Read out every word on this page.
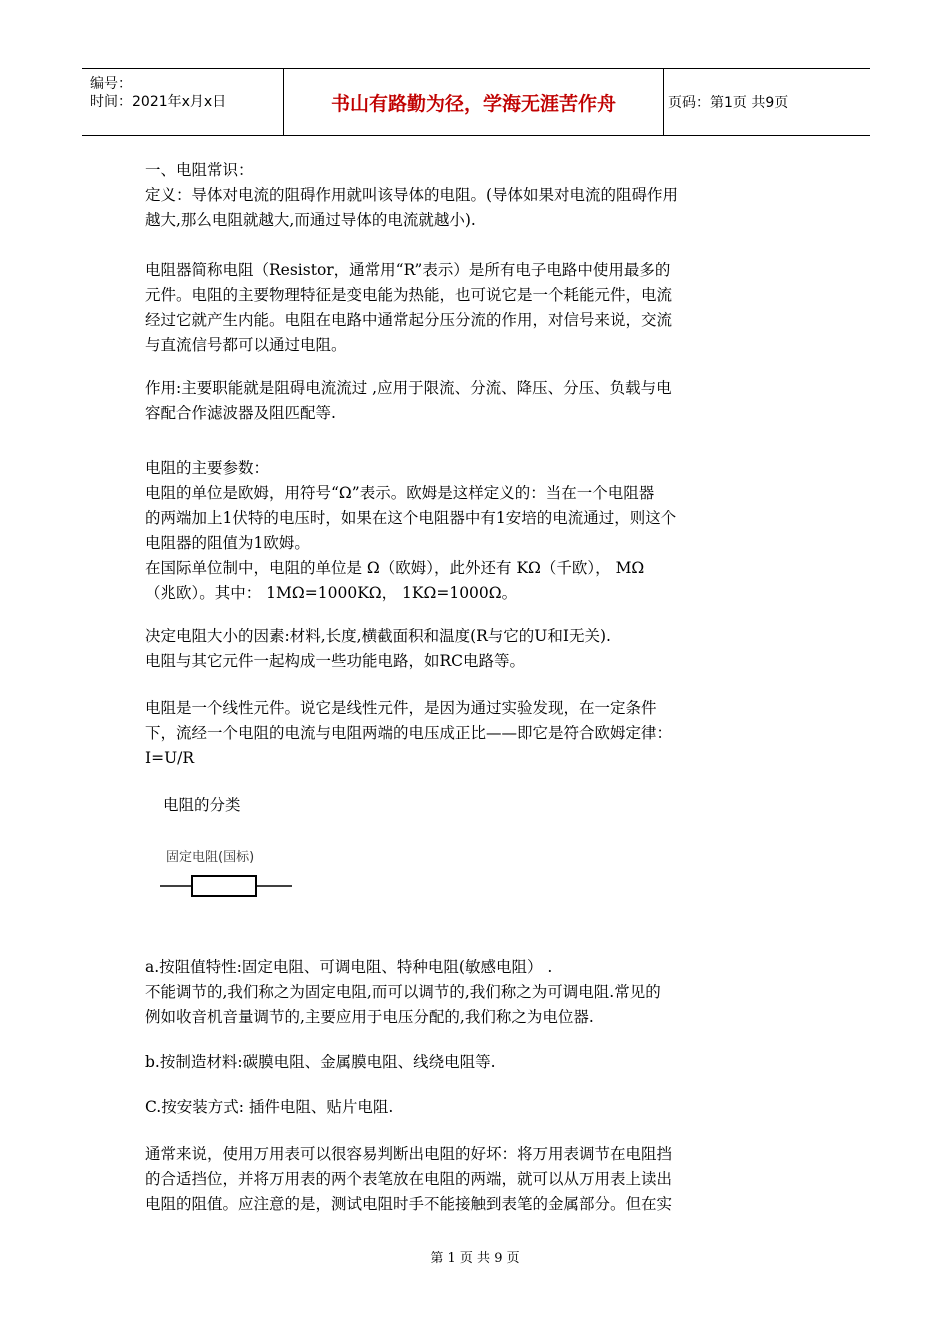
编号：
时间：2021年x月x日	书山有路勤为径，学海无涯苦作舟	页码：第1页 共9页

一、电阻常识：

定义：导体对电流的阻碍作用就叫该导体的电阻。(导体如果对电流的阻碍作用

越大,那么电阻就越大,而通过导体的电流就越小).

电阻器简称电阻（Resistor，通常用“R”表示）是所有电子电路中使用最多的

元件。电阻的主要物理特征是变电能为热能，也可说它是一个耗能元件，电流

经过它就产生内能。电阻在电路中通常起分压分流的作用，对信号来说，交流

与直流信号都可以通过电阻。

作用:主要职能就是阻碍电流流过 ,应用于限流、分流、降压、分压、负载与电

容配合作滤波器及阻匹配等.

电阻的主要参数：

电阻的单位是欧姆，用符号“Ω”表示。欧姆是这样定义的：当在一个电阻器

的两端加上1伏特的电压时，如果在这个电阻器中有1安培的电流通过，则这个

电阻器的阻值为1欧姆。

在国际单位制中，电阻的单位是 Ω（欧姆），此外还有 KΩ（千欧）， MΩ

（兆欧）。其中： 1MΩ=1000KΩ， 1KΩ=1000Ω。

决定电阻大小的因素:材料,长度,横截面积和温度(R与它的U和I无关).

电阻与其它元件一起构成一些功能电路，如RC电路等。

电阻是一个线性元件。说它是线性元件，是因为通过实验发现，在一定条件

下，流经一个电阻的电流与电阻两端的电压成正比——即它是符合欧姆定律：

I=U/R

电阻的分类
固定电阻(国标)

a.按阻值特性:固定电阻、可调电阻、特种电阻(敏感电阻） .

不能调节的,我们称之为固定电阻,而可以调节的,我们称之为可调电阻.常见的

例如收音机音量调节的,主要应用于电压分配的,我们称之为电位器.

b.按制造材料:碳膜电阻、金属膜电阻、线绕电阻等.

C.按安装方式: 插件电阻、贴片电阻.

通常来说，使用万用表可以很容易判断出电阻的好坏：将万用表调节在电阻挡

的合适挡位，并将万用表的两个表笔放在电阻的两端，就可以从万用表上读出

电阻的阻值。应注意的是，测试电阻时手不能接触到表笔的金属部分。但在实

第 1 页 共 9 页
